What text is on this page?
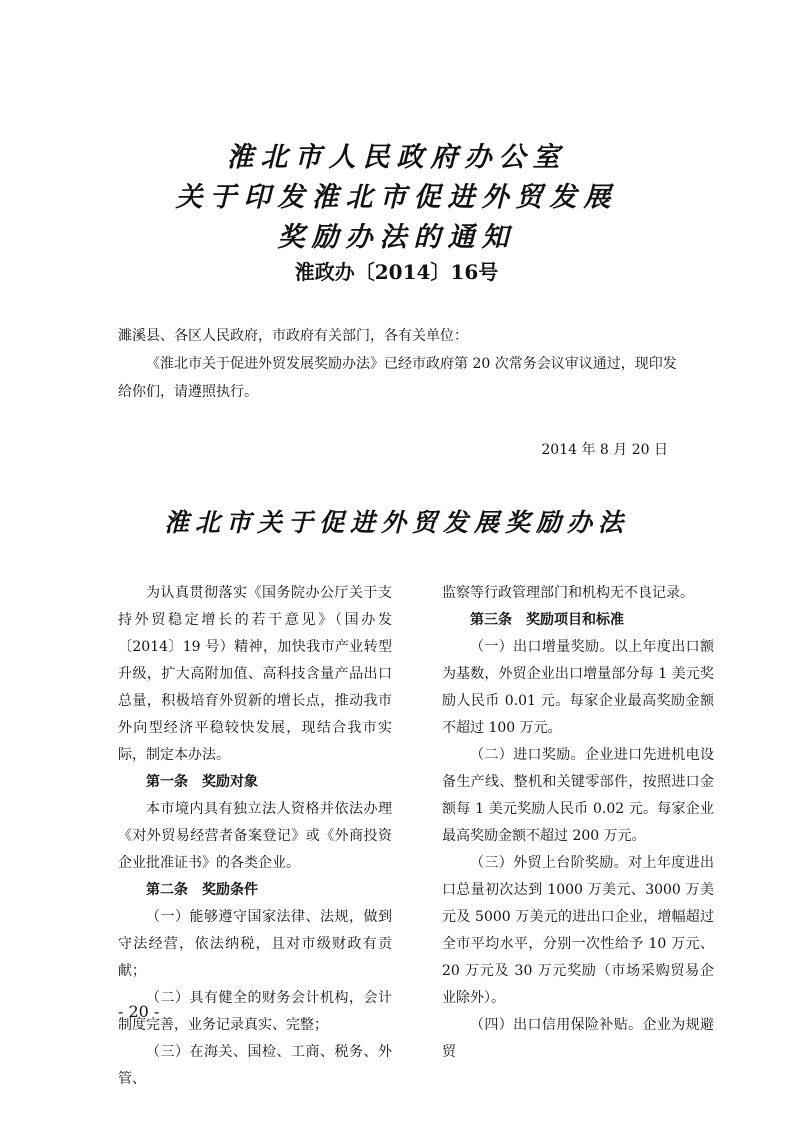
淮北市人民政府办公室
关于印发淮北市促进外贸发展
奖励办法的通知
淮政办〔2014〕16号

濉溪县、各区人民政府，市政府有关部门，各有关单位：

《淮北市关于促进外贸发展奖励办法》已经市政府第 20 次常务会议审议通过，现印发给你们，请遵照执行。

2014 年 8 月 20 日
淮北市关于促进外贸发展奖励办法

为认真贯彻落实《国务院办公厅关于支持外贸稳定增长的若干意见》（国办发〔2014〕19 号）精神，加快我市产业转型升级，扩大高附加值、高科技含量产品出口总量，积极培育外贸新的增长点，推动我市外向型经济平稳较快发展，现结合我市实际，制定本办法。

第一条　奖励对象

本市境内具有独立法人资格并依法办理《对外贸易经营者备案登记》或《外商投资企业批准证书》的各类企业。

第二条　奖励条件

（一）能够遵守国家法律、法规，做到守法经营，依法纳税，且对市级财政有贡献；

（二）具有健全的财务会计机构，会计制度完善，业务记录真实、完整；

（三）在海关、国检、工商、税务、外管、

监察等行政管理部门和机构无不良记录。

第三条　奖励项目和标准

（一）出口增量奖励。以上年度出口额为基数，外贸企业出口增量部分每 1 美元奖励人民币 0.01 元。每家企业最高奖励金额不超过 100 万元。

（二）进口奖励。企业进口先进机电设备生产线、整机和关键零部件，按照进口金额每 1 美元奖励人民币 0.02 元。每家企业最高奖励金额不超过 200 万元。

（三）外贸上台阶奖励。对上年度进出口总量初次达到 1000 万美元、3000 万美元及 5000 万美元的进出口企业，增幅超过全市平均水平，分别一次性给予 10 万元、20 万元及 30 万元奖励（市场采购贸易企业除外）。

（四）出口信用保险补贴。企业为规避贸

- 20 -
